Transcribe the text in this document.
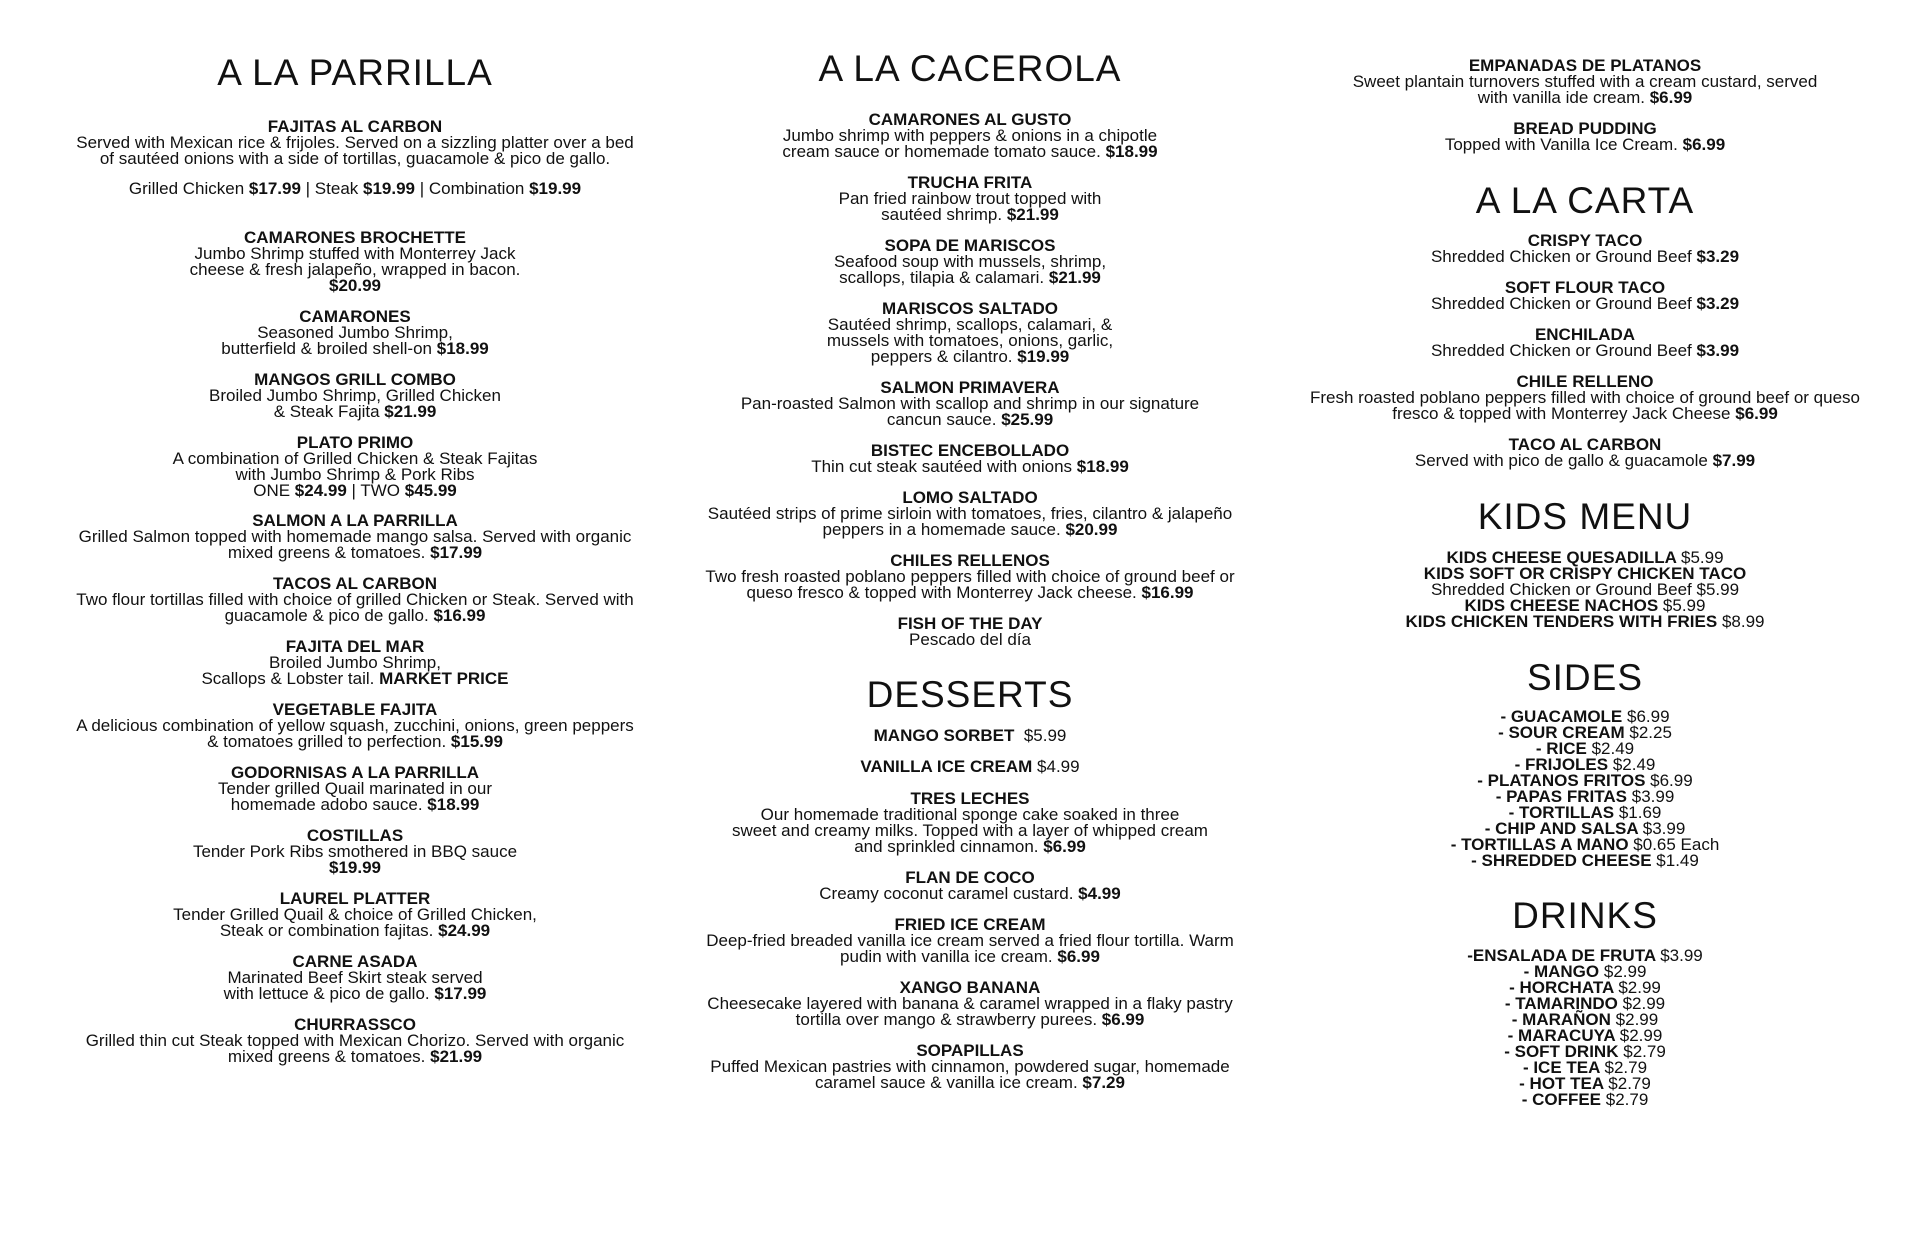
A LA PARRILLA
FAJITAS AL CARBON
Served with Mexican rice & frijoles. Served on a sizzling platter over a bed
of sautéed onions with a side of tortillas, guacamole & pico de gallo.
Grilled Chicken $17.99 | Steak $19.99 | Combination $19.99
CAMARONES BROCHETTE
Jumbo Shrimp stuffed with Monterrey Jack
cheese & fresh jalapeño, wrapped in bacon.
$20.99
CAMARONES
Seasoned Jumbo Shrimp,
butterfield & broiled shell-on $18.99
MANGOS GRILL COMBO
Broiled Jumbo Shrimp, Grilled Chicken
& Steak Fajita $21.99
PLATO PRIMO
A combination of Grilled Chicken & Steak Fajitas
with Jumbo Shrimp & Pork Ribs
ONE $24.99 | TWO $45.99
SALMON A LA PARRILLA
Grilled Salmon topped with homemade mango salsa. Served with organic
mixed greens & tomatoes. $17.99
TACOS AL CARBON
Two flour tortillas filled with choice of grilled Chicken or Steak. Served with
guacamole & pico de gallo. $16.99
FAJITA DEL MAR
Broiled Jumbo Shrimp,
Scallops & Lobster tail. MARKET PRICE
VEGETABLE FAJITA
A delicious combination of yellow squash, zucchini, onions, green peppers
& tomatoes grilled to perfection. $15.99
GODORNISAS A LA PARRILLA
Tender grilled Quail marinated in our
homemade adobo sauce. $18.99
COSTILLAS
Tender Pork Ribs smothered in BBQ sauce
$19.99
LAUREL PLATTER
Tender Grilled Quail & choice of Grilled Chicken,
Steak or combination fajitas. $24.99
CARNE ASADA
Marinated Beef Skirt steak served
with lettuce & pico de gallo. $17.99
CHURRASSCO
Grilled thin cut Steak topped with Mexican Chorizo. Served with organic
mixed greens & tomatoes. $21.99
A LA CACEROLA
CAMARONES AL GUSTO
Jumbo shrimp with peppers & onions in a chipotle
cream sauce or homemade tomato sauce. $18.99
TRUCHA FRITA
Pan fried rainbow trout topped with
sautéed shrimp. $21.99
SOPA DE MARISCOS
Seafood soup with mussels, shrimp,
scallops, tilapia & calamari. $21.99
MARISCOS SALTADO
Sautéed shrimp, scallops, calamari, &
mussels with tomatoes, onions, garlic,
peppers & cilantro. $19.99
SALMON PRIMAVERA
Pan-roasted Salmon with scallop and shrimp in our signature
cancun sauce. $25.99
BISTEC ENCEBOLLADO
Thin cut steak sautéed with onions $18.99
LOMO SALTADO
Sautéed strips of prime sirloin with tomatoes, fries, cilantro & jalapeño
peppers in a homemade sauce. $20.99
CHILES RELLENOS
Two fresh roasted poblano peppers filled with choice of ground beef or
queso fresco & topped with Monterrey Jack cheese. $16.99
FISH OF THE DAY
Pescado del día
DESSERTS
MANGO SORBET $5.99
VANILLA ICE CREAM $4.99
TRES LECHES
Our homemade traditional sponge cake soaked in three
sweet and creamy milks. Topped with a layer of whipped cream
and sprinkled cinnamon. $6.99
FLAN DE COCO
Creamy coconut caramel custard. $4.99
FRIED ICE CREAM
Deep-fried breaded vanilla ice cream served a fried flour tortilla. Warm
pudin with vanilla ice cream. $6.99
XANGO BANANA
Cheesecake layered with banana & caramel wrapped in a flaky pastry
tortilla over mango & strawberry purees. $6.99
SOPAPILLAS
Puffed Mexican pastries with cinnamon, powdered sugar, homemade
caramel sauce & vanilla ice cream. $7.29
EMPANADAS DE PLATANOS
Sweet plantain turnovers stuffed with a cream custard, served
with vanilla ide cream. $6.99
BREAD PUDDING
Topped with Vanilla Ice Cream. $6.99
A LA CARTA
CRISPY TACO
Shredded Chicken or Ground Beef $3.29
SOFT FLOUR TACO
Shredded Chicken or Ground Beef $3.29
ENCHILADA
Shredded Chicken or Ground Beef $3.99
CHILE RELLENO
Fresh roasted poblano peppers filled with choice of ground beef or queso
fresco & topped with Monterrey Jack Cheese $6.99
TACO AL CARBON
Served with pico de gallo & guacamole $7.99
KIDS MENU
KIDS CHEESE QUESADILLA $5.99
KIDS SOFT OR CRISPY CHICKEN TACO
Shredded Chicken or Ground Beef $5.99
KIDS CHEESE NACHOS $5.99
KIDS CHICKEN TENDERS WITH FRIES $8.99
SIDES
- GUACAMOLE $6.99
- SOUR CREAM $2.25
- RICE $2.49
- FRIJOLES $2.49
- PLATANOS FRITOS $6.99
- PAPAS FRITAS $3.99
- TORTILLAS $1.69
- CHIP AND SALSA $3.99
- TORTILLAS A MANO $0.65 Each
- SHREDDED CHEESE $1.49
DRINKS
-ENSALADA DE FRUTA $3.99
- MANGO $2.99
- HORCHATA $2.99
- TAMARINDO $2.99
- MARAÑON $2.99
- MARACUYA $2.99
- SOFT DRINK $2.79
- ICE TEA $2.79
- HOT TEA $2.79
- COFFEE $2.79
